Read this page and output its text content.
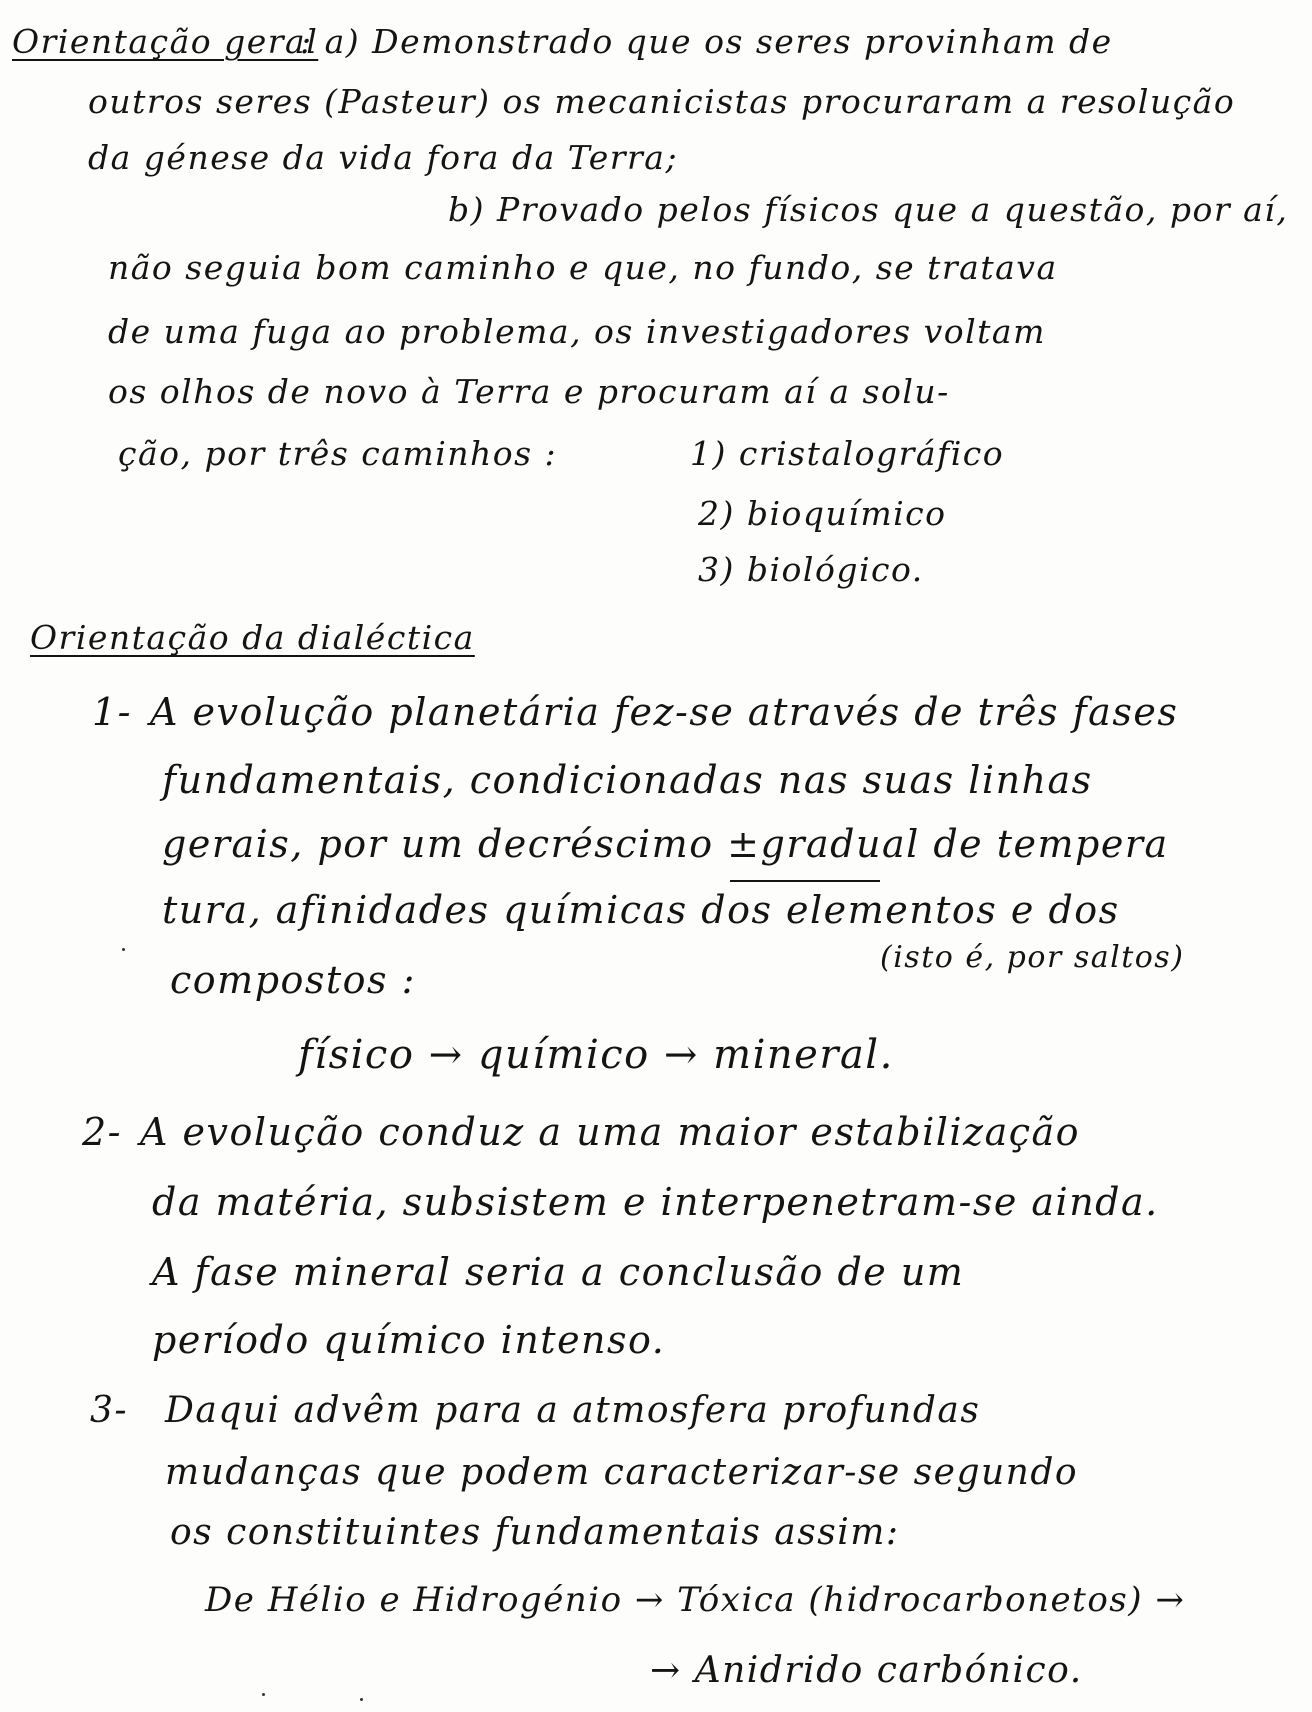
Orientação geral
: a) Demonstrado que os seres provinham de
outros seres (Pasteur) os mecanicistas procuraram a resolução
da génese da vida fora da Terra;
b) Provado pelos físicos que a questão, por aí,
não seguia bom caminho e que, no fundo, se tratava
de uma fuga ao problema, os investigadores voltam
os olhos de novo à Terra e procuram aí a solu-
ção, por três caminhos :	1) cristalográfico
2) bioquímico
3) biológico.
Orientação da dialéctica
1- A evolução planetária fez-se através de três fases
fundamentais, condicionadas nas suas linhas
gerais, por um decréscimo ±gradual de tempera
tura, afinidades químicas dos elementos e dos
(isto é, por saltos)
compostos :
físico → químico → mineral.
2- A evolução conduz a uma maior estabilização
da matéria, subsistem e interpenetram-se ainda.
A fase mineral seria a conclusão de um
período químico intenso.
3- Daqui advêm para a atmosfera profundas
mudanças que podem caracterizar-se segundo
os constituintes fundamentais assim:
De Hélio e Hidrogénio → Tóxica (hidrocarbonetos) →
→ Anidrido carbónico.
